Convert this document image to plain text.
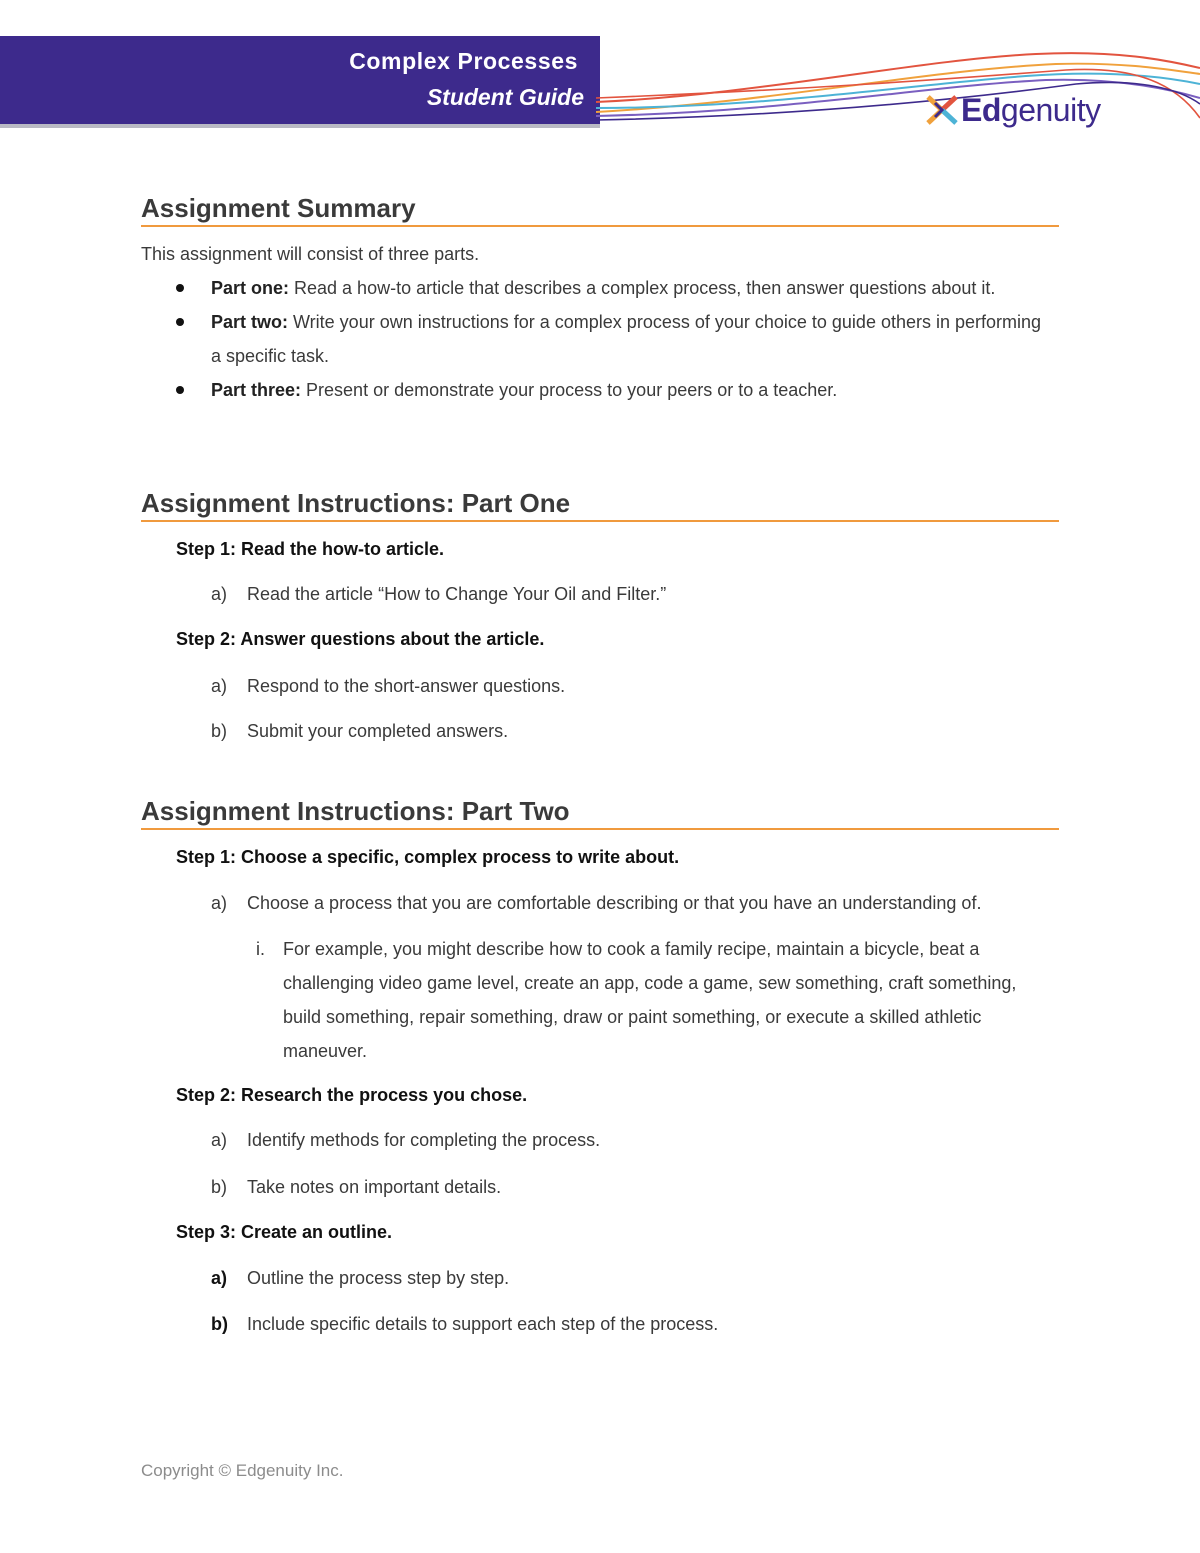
Complex Processes
Student Guide	Edgenuity
Assignment Summary

This assignment will consist of three parts.

Part one: Read a how-to article that describes a complex process, then answer questions about it.
Part two: Write your own instructions for a complex process of your choice to guide others in performing a specific task.
Part three: Present or demonstrate your process to your peers or to a teacher.
Assignment Instructions: Part One

Step 1: Read the how-to article.

a) Read the article “How to Change Your Oil and Filter.”

Step 2: Answer questions about the article.

a) Respond to the short-answer questions.

b) Submit your completed answers.

Assignment Instructions: Part Two

Step 1: Choose a specific, complex process to write about.

a) Choose a process that you are comfortable describing or that you have an understanding of.

i.	For example, you might describe how to cook a family recipe, maintain a bicycle, beat a challenging video game level, create an app, code a game, sew something, craft something, build something, repair something, draw or paint something, or execute a skilled athletic maneuver.

Step 2: Research the process you chose.

a) Identify methods for completing the process.

b) Take notes on important details.

Step 3: Create an outline.

a) Outline the process step by step.

b) Include specific details to support each step of the process.

Copyright © Edgenuity Inc.
